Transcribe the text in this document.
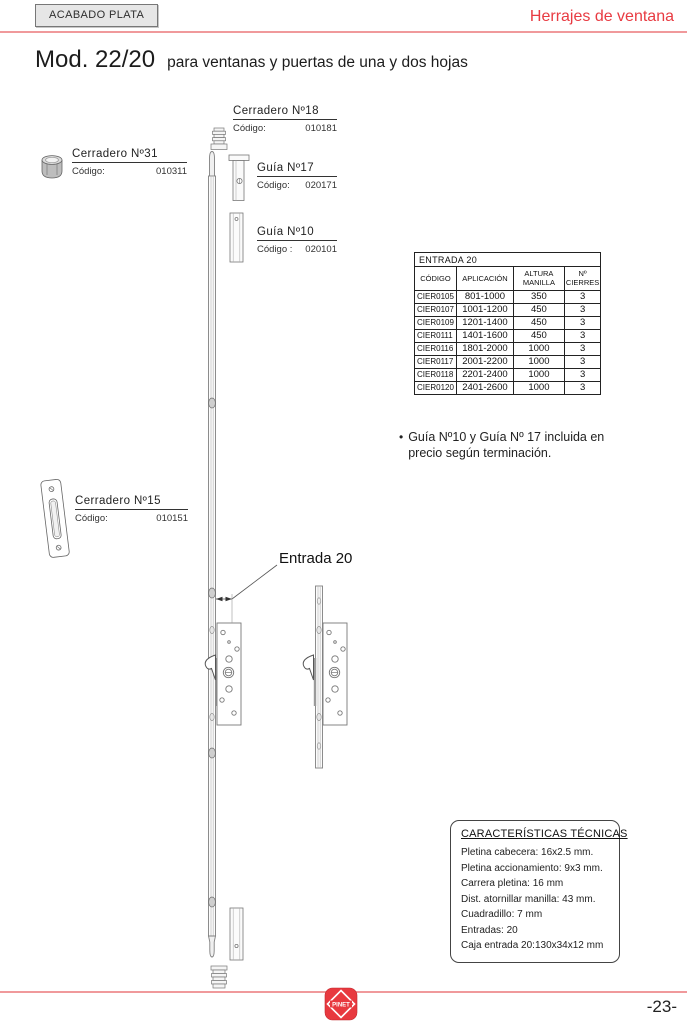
ACABADO PLATA	Herrajes de ventana
Mod. 22/20 para ventanas y puertas de una y dos hojas
Cerradero Nº31
Código:	010311
Cerradero Nº18
Código:	010181
Guía Nº17
Código: 020171
Guía Nº10
Código : 020101
Cerradero Nº15
Código:	010151
Entrada 20
ENTRADA 20			
CÓDIGO	APLICACIÓN	ALTURA MANILLA	Nº CIERRES
CIER0105	801-1000	350	3
CIER0107	1001-1200	450	3
CIER0109	1201-1400	450	3
CIER0111	1401-1600	450	3
CIER0116	1801-2000	1000	3
CIER0117	2001-2200	1000	3
CIER0118	2201-2400	1000	3
CIER0120	2401-2600	1000	3
• Guía Nº10 y Guía Nº 17 incluida en precio según terminación.
CARACTERÍSTICAS TÉCNICAS
Pletina cabecera: 16x2.5 mm.
Pletina accionamiento: 9x3 mm.
Carrera pletina: 16 mm
Dist. atornillar manilla: 43 mm.
Cuadradillo: 7 mm
Entradas: 20
Caja entrada 20:130x34x12 mm
PINET	-23-
